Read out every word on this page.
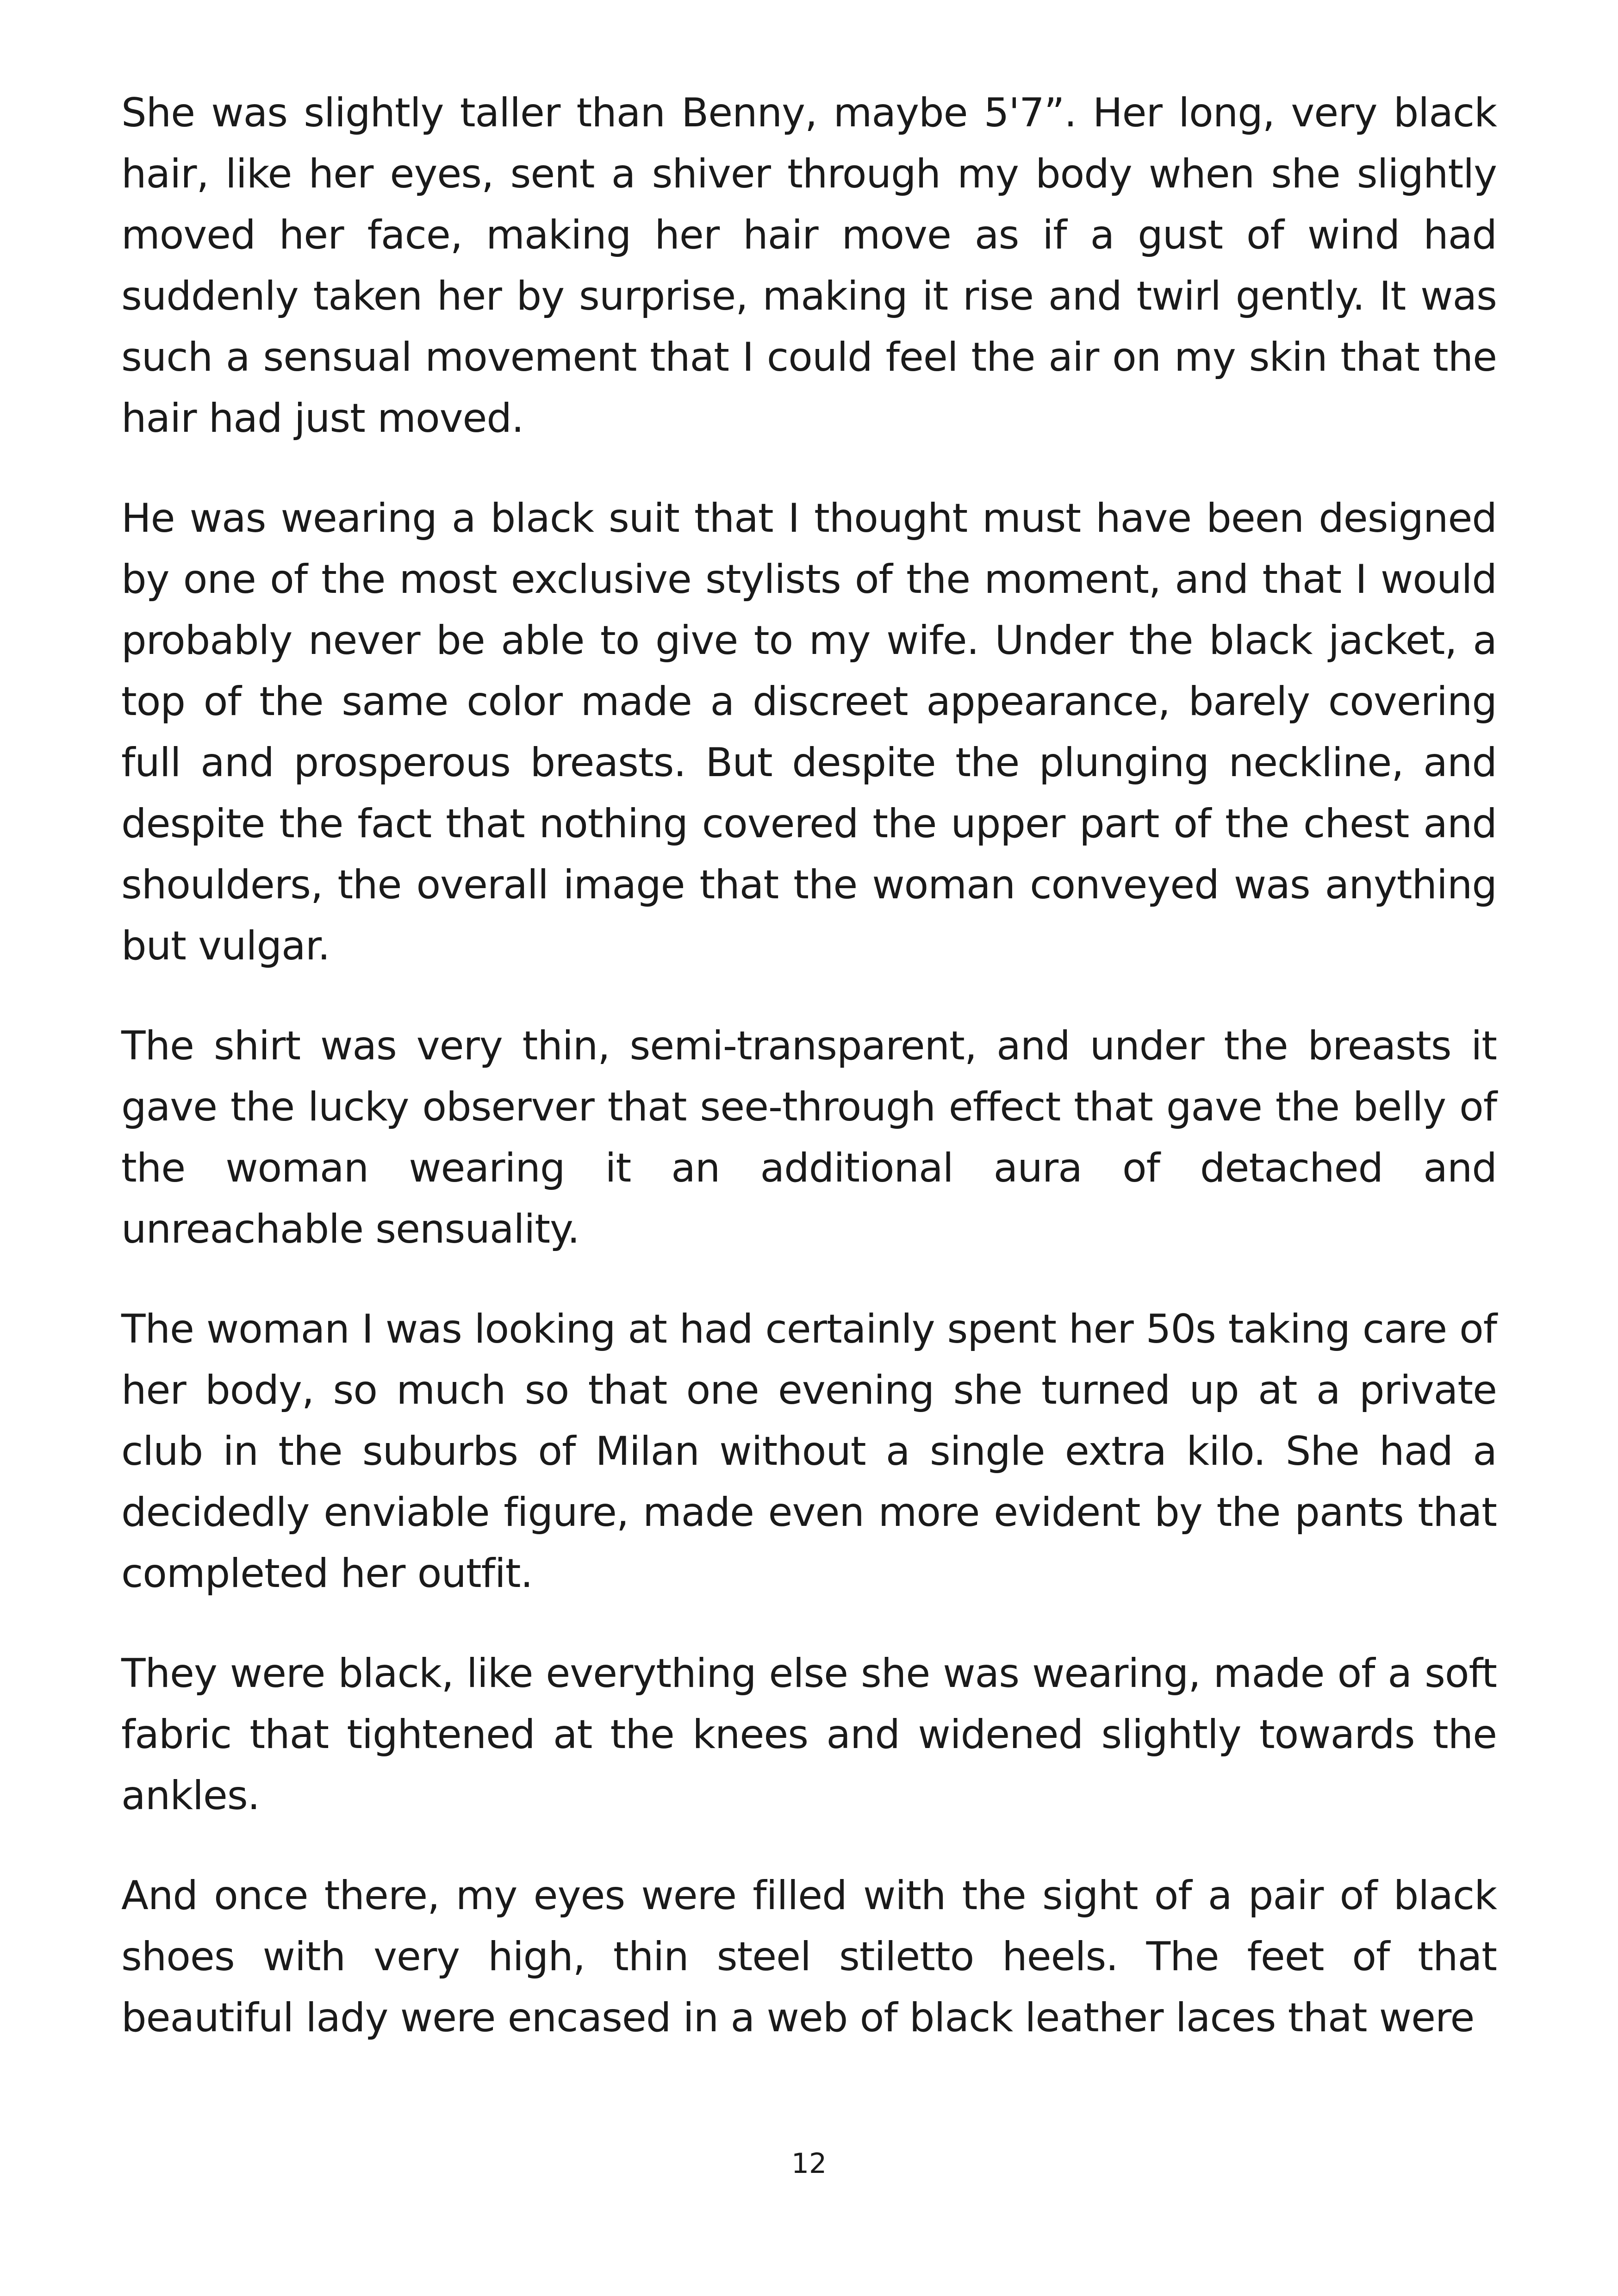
She was slightly taller than Benny, maybe 5'7”. Her long, very black hair, like her eyes, sent a shiver through my body when she slightly moved her face, making her hair move as if a gust of wind had suddenly taken her by surprise, making it rise and twirl gently. It was such a sensual movement that I could feel the air on my skin that the hair had just moved.

He was wearing a black suit that I thought must have been designed by one of the most exclusive stylists of the moment, and that I would probably never be able to give to my wife. Under the black jacket, a top of the same color made a discreet appearance, barely covering full and prosperous breasts. But despite the plunging neckline, and despite the fact that nothing covered the upper part of the chest and shoulders, the overall image that the woman conveyed was anything but vulgar.

The shirt was very thin, semi-transparent, and under the breasts it gave the lucky observer that see-through effect that gave the belly of the woman wearing it an additional aura of detached and unreachable sensuality.

The woman I was looking at had certainly spent her 50s taking care of her body, so much so that one evening she turned up at a private club in the suburbs of Milan without a single extra kilo. She had a decidedly enviable figure, made even more evident by the pants that completed her outfit.

They were black, like everything else she was wearing, made of a soft fabric that tightened at the knees and widened slightly towards the ankles.

And once there, my eyes were filled with the sight of a pair of black shoes with very high, thin steel stiletto heels. The feet of that beautiful lady were encased in a web of black leather laces that were

12
